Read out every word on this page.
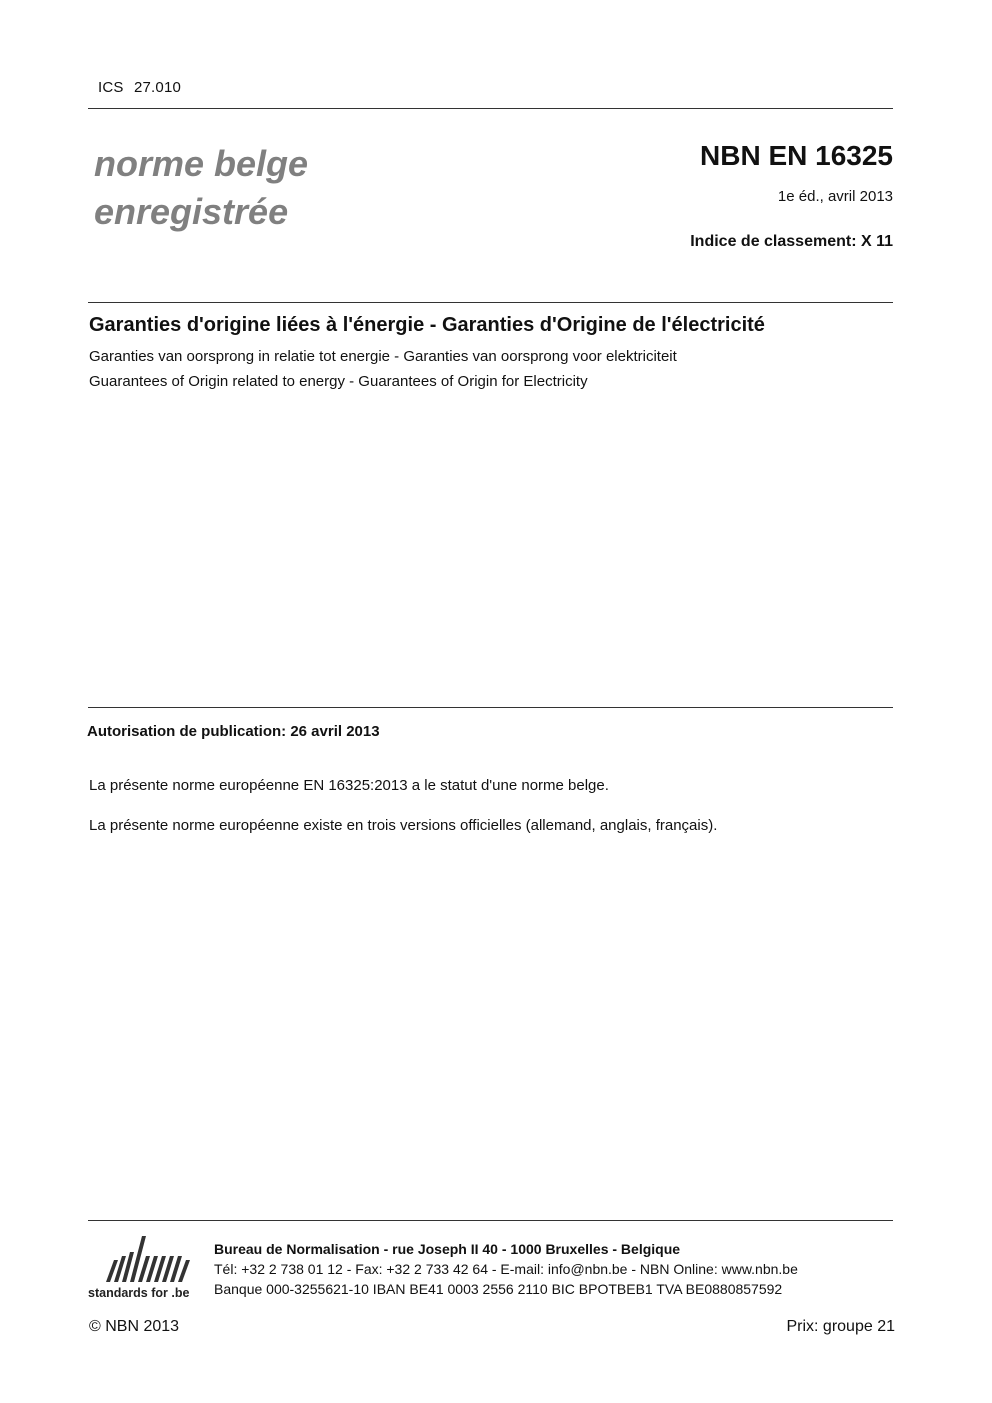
ICS 27.010
norme belge
enregistrée
NBN EN 16325
1e éd., avril 2013
Indice de classement: X 11
Garanties d'origine liées à l'énergie - Garanties d'Origine de l'électricité
Garanties van oorsprong in relatie tot energie - Garanties van oorsprong voor elektriciteit
Guarantees of Origin related to energy - Guarantees of Origin for Electricity
Autorisation de publication: 26 avril 2013
La présente norme européenne EN 16325:2013 a le statut d'une norme belge.
La présente norme européenne existe en trois versions officielles (allemand, anglais, français).
standards for .be
Bureau de Normalisation - rue Joseph II 40 - 1000 Bruxelles - Belgique
Tél: +32 2 738 01 12 - Fax: +32 2 733 42 64 - E-mail: info@nbn.be - NBN Online: www.nbn.be
Banque 000-3255621-10 IBAN BE41 0003 2556 2110 BIC BPOTBEB1 TVA BE0880857592
© NBN 2013	Prix: groupe 21
